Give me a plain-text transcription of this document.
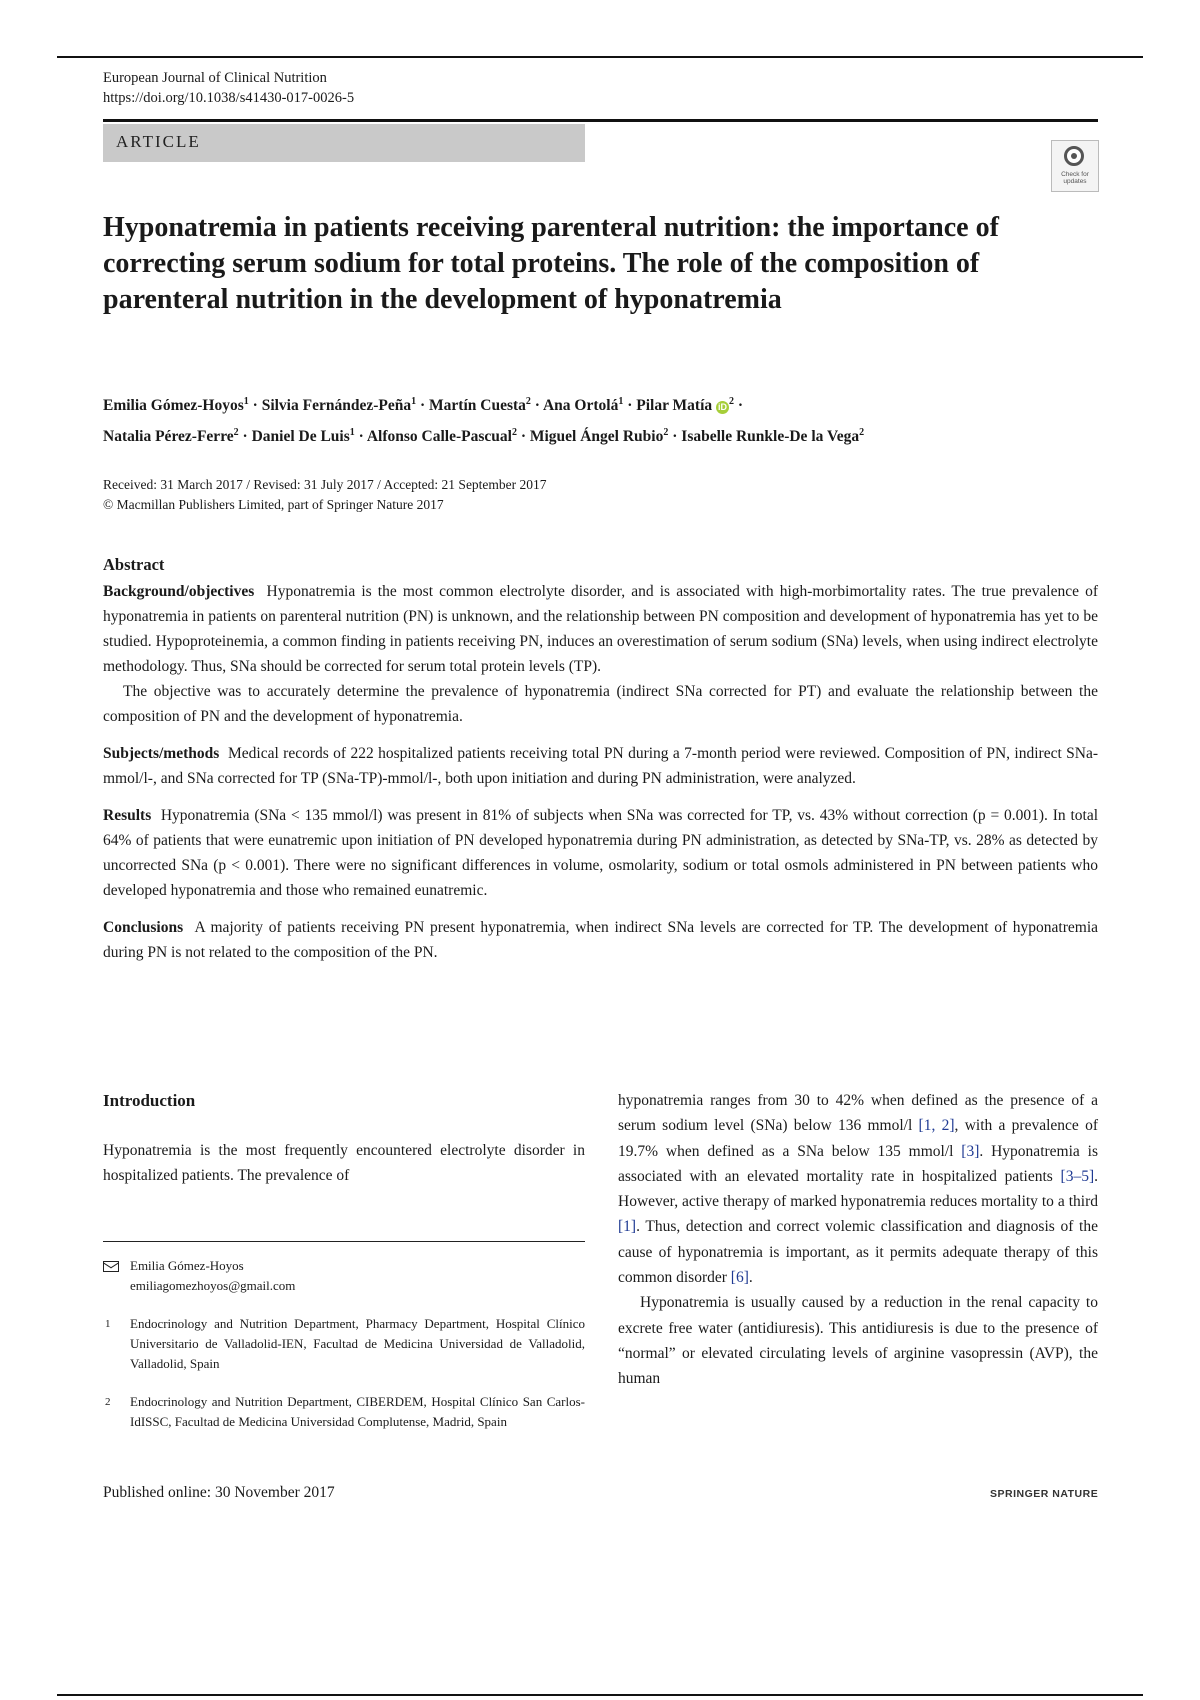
European Journal of Clinical Nutrition
https://doi.org/10.1038/s41430-017-0026-5
ARTICLE
Check for updates
Hyponatremia in patients receiving parenteral nutrition: the importance of correcting serum sodium for total proteins. The role of the composition of parenteral nutrition in the development of hyponatremia
Emilia Gómez-Hoyos$^1$ · Silvia Fernández-Peña$^1$ · Martín Cuesta$^2$ · Ana Ortolá$^1$ · Pilar Matía $iD^2$ ·
Natalia Pérez-Ferre$^2$ · Daniel De Luis$^1$ · Alfonso Calle-Pascual$^2$ · Miguel Ángel Rubio$^2$ · Isabelle Runkle-De la Vega$^2$
Received: 31 March 2017 / Revised: 31 July 2017 / Accepted: 21 September 2017
© Macmillan Publishers Limited, part of Springer Nature 2017
Abstract

Background/objectives Hyponatremia is the most common electrolyte disorder, and is associated with high-morbimortality rates. The true prevalence of hyponatremia in patients on parenteral nutrition (PN) is unknown, and the relationship between PN composition and development of hyponatremia has yet to be studied. Hypoproteinemia, a common finding in patients receiving PN, induces an overestimation of serum sodium (SNa) levels, when using indirect electrolyte methodology. Thus, SNa should be corrected for serum total protein levels (TP).

The objective was to accurately determine the prevalence of hyponatremia (indirect SNa corrected for PT) and evaluate the relationship between the composition of PN and the development of hyponatremia.

Subjects/methods Medical records of 222 hospitalized patients receiving total PN during a 7-month period were reviewed. Composition of PN, indirect SNa-mmol/l-, and SNa corrected for TP (SNa-TP)-mmol/l-, both upon initiation and during PN administration, were analyzed.

Results Hyponatremia (SNa < 135 mmol/l) was present in 81% of subjects when SNa was corrected for TP, vs. 43% without correction (p = 0.001). In total 64% of patients that were eunatremic upon initiation of PN developed hyponatremia during PN administration, as detected by SNa-TP, vs. 28% as detected by uncorrected SNa (p < 0.001). There were no significant differences in volume, osmolarity, sodium or total osmols administered in PN between patients who developed hyponatremia and those who remained eunatremic.

Conclusions A majority of patients receiving PN present hyponatremia, when indirect SNa levels are corrected for TP. The development of hyponatremia during PN is not related to the composition of the PN.

Introduction

Hyponatremia is the most frequently encountered electrolyte disorder in hospitalized patients. The prevalence of

Emilia Gómez-Hoyos
emiliagomezhoyos@gmail.com
1 Endocrinology and Nutrition Department, Pharmacy Department, Hospital Clínico Universitario de Valladolid-IEN, Facultad de Medicina Universidad de Valladolid, Valladolid, Spain
2 Endocrinology and Nutrition Department, CIBERDEM, Hospital Clínico San Carlos- IdISSC, Facultad de Medicina Universidad Complutense, Madrid, Spain

hyponatremia ranges from 30 to 42% when defined as the presence of a serum sodium level (SNa) below 136 mmol/l [1, 2], with a prevalence of 19.7% when defined as a SNa below 135 mmol/l [3]. Hyponatremia is associated with an elevated mortality rate in hospitalized patients [3–5]. However, active therapy of marked hyponatremia reduces mortality to a third [1]. Thus, detection and correct volemic classification and diagnosis of the cause of hyponatremia is important, as it permits adequate therapy of this common disorder [6].

Hyponatremia is usually caused by a reduction in the renal capacity to excrete free water (antidiuresis). This antidiuresis is due to the presence of “normal” or elevated circulating levels of arginine vasopressin (AVP), the human

Published online: 30 November 2017	SPRINGER NATURE
